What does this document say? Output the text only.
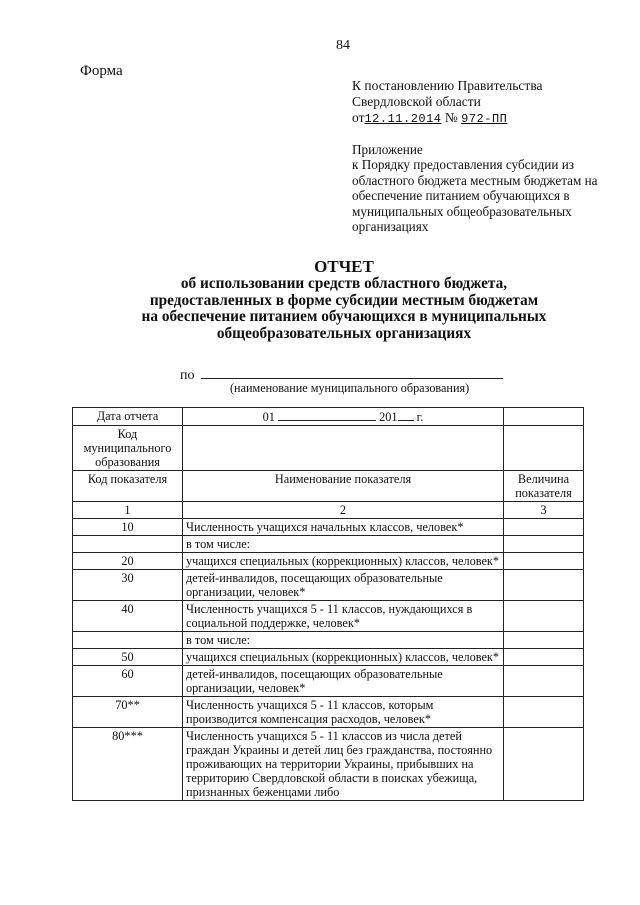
84
Форма
К постановлению Правительства
Свердловской области
от12.11.2014 № 972-ПП
Приложение
к Порядку предоставления субсидии из
областного бюджета местным бюджетам на
обеспечение питанием обучающихся в
муниципальных общеобразовательных
организациях
ОТЧЕТ
об использовании средств областного бюджета,
предоставленных в форме субсидии местным бюджетам
на обеспечение питанием обучающихся в муниципальных
общеобразовательных организациях
по
(наименование муниципального образования)
Дата отчета	01 201 г.	
Код муниципального образования		
Код показателя	Наименование показателя	Величина показателя
1	2	3
10	Численность учащихся начальных классов, человек*	
	в том числе:	
20	учащихся специальных (коррекционных) классов, человек*	
30	детей-инвалидов, посещающих образовательные организации, человек*	
40	Численность учащихся 5 - 11 классов, нуждающихся в социальной поддержке, человек*	
	в том числе:	
50	учащихся специальных (коррекционных) классов, человек*	
60	детей-инвалидов, посещающих образовательные организации, человек*	
70**	Численность учащихся 5 - 11 классов, которым производится компенсация расходов, человек*	
80***	Численность учащихся 5 - 11 классов из числа детей граждан Украины и детей лиц без гражданства, постоянно проживающих на территории Украины, прибывших на территорию Свердловской области в поисках убежища, признанных беженцами либо	
